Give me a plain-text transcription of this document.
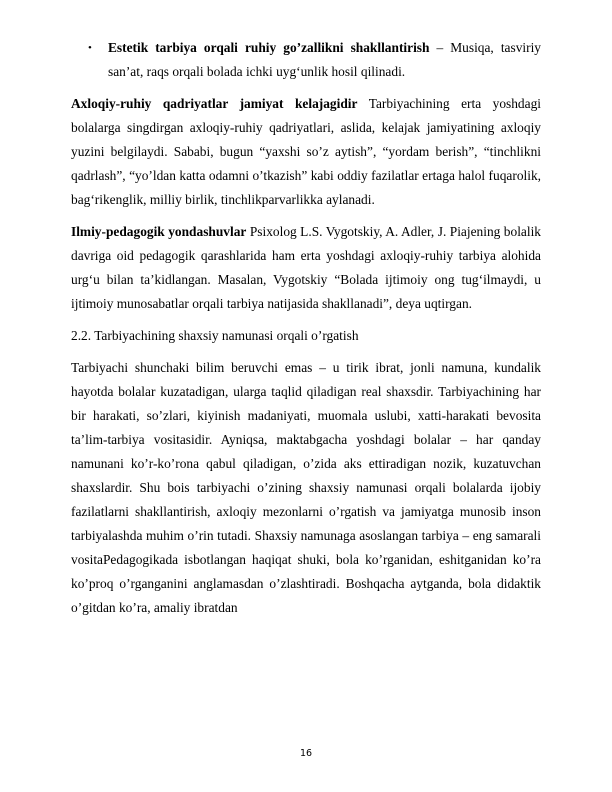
• Estetik tarbiya orqali ruhiy go’zallikni shakllantirish – Musiqa, tasviriy san’at, raqs orqali bolada ichki uyg‘unlik hosil qilinadi.

Axloqiy-ruhiy qadriyatlar jamiyat kelajagidir Tarbiyachining erta yoshdagi bolalarga singdirgan axloqiy-ruhiy qadriyatlari, aslida, kelajak jamiyatining axloqiy yuzini belgilaydi. Sababi, bugun “yaxshi so’z aytish”, “yordam berish”, “tinchlikni qadrlash”, “yo’ldan katta odamni o’tkazish” kabi oddiy fazilatlar ertaga halol fuqarolik, bag‘rikenglik, milliy birlik, tinchlikparvarlikka aylanadi.

Ilmiy-pedagogik yondashuvlar Psixolog L.S. Vygotskiy, A. Adler, J. Piajening bolalik davriga oid pedagogik qarashlarida ham erta yoshdagi axloqiy-ruhiy tarbiya alohida urg‘u bilan ta’kidlangan. Masalan, Vygotskiy “Bolada ijtimoiy ong tug‘ilmaydi, u ijtimoiy munosabatlar orqali tarbiya natijasida shakllanadi”, deya uqtirgan.

2.2. Tarbiyachining shaxsiy namunasi orqali o’rgatish

Tarbiyachi shunchaki bilim beruvchi emas – u tirik ibrat, jonli namuna, kundalik hayotda bolalar kuzatadigan, ularga taqlid qiladigan real shaxsdir. Tarbiyachining har bir harakati, so’zlari, kiyinish madaniyati, muomala uslubi, xatti-harakati bevosita ta’lim-tarbiya vositasidir. Ayniqsa, maktabgacha yoshdagi bolalar – har qanday namunani ko’r-ko’rona qabul qiladigan, o’zida aks ettiradigan nozik, kuzatuvchan shaxslardir. Shu bois tarbiyachi o’zining shaxsiy namunasi orqali bolalarda ijobiy fazilatlarni shakllantirish, axloqiy mezonlarni o’rgatish va jamiyatga munosib inson tarbiyalashda muhim o’rin tutadi. Shaxsiy namunaga asoslangan tarbiya – eng samarali vositaPedagogikada isbotlangan haqiqat shuki, bola ko’rganidan, eshitganidan ko’ra ko’proq o’rganganini anglamasdan o’zlashtiradi. Boshqacha aytganda, bola didaktik o’gitdan ko’ra, amaliy ibratdan

16
